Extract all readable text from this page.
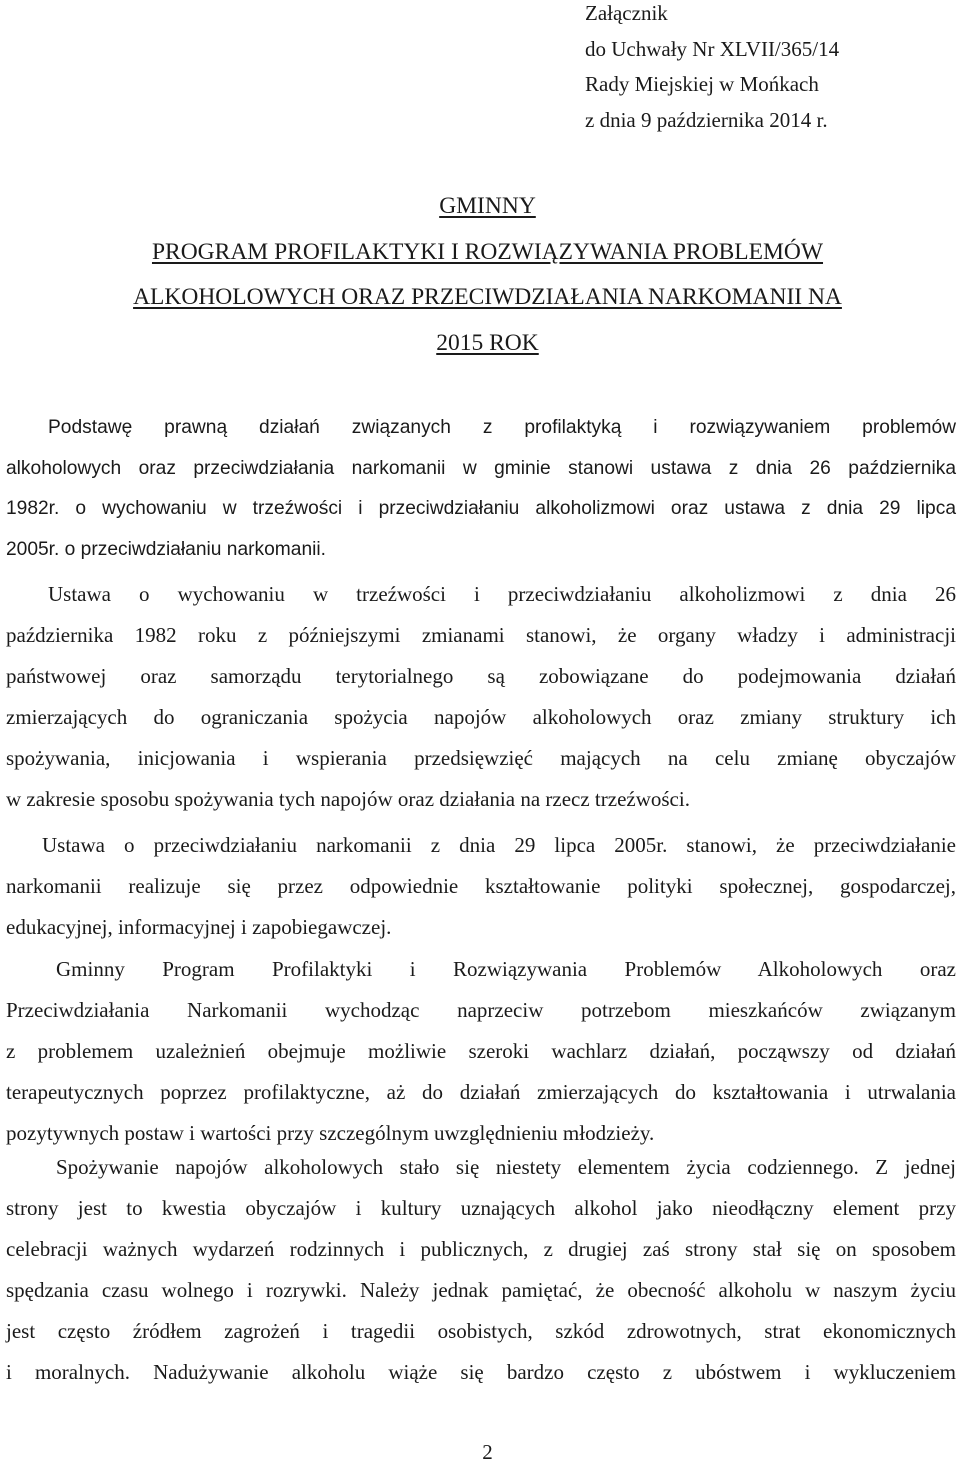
Załącznik
do Uchwały Nr XLVII/365/14
Rady Miejskiej w Mońkach
z dnia 9 października 2014 r.
GMINNY
PROGRAM PROFILAKTYKI I ROZWIĄZYWANIA PROBLEMÓW
ALKOHOLOWYCH ORAZ PRZECIWDZIAŁANIA NARKOMANII NA
2015 ROK
Podstawę prawną działań związanych z profilaktyką i rozwiązywaniem problemów
alkoholowych oraz przeciwdziałania narkomanii w gminie stanowi ustawa z dnia 26 października
1982r. o wychowaniu w trzeźwości i przeciwdziałaniu alkoholizmowi oraz ustawa z dnia 29 lipca
2005r. o przeciwdziałaniu narkomanii.
Ustawa o wychowaniu w trzeźwości i przeciwdziałaniu alkoholizmowi z dnia 26
października 1982 roku z późniejszymi zmianami stanowi, że organy władzy i administracji
państwowej oraz samorządu terytorialnego są zobowiązane do podejmowania działań
zmierzających do ograniczania spożycia napojów alkoholowych oraz zmiany struktury ich
spożywania, inicjowania i wspierania przedsięwzięć mających na celu zmianę obyczajów
w zakresie sposobu spożywania tych napojów oraz działania na rzecz trzeźwości.
Ustawa o przeciwdziałaniu narkomanii z dnia 29 lipca 2005r. stanowi, że przeciwdziałanie
narkomanii realizuje się przez odpowiednie kształtowanie polityki społecznej, gospodarczej,
edukacyjnej, informacyjnej i zapobiegawczej.
Gminny Program Profilaktyki i Rozwiązywania Problemów Alkoholowych oraz
Przeciwdziałania Narkomanii wychodząc naprzeciw potrzebom mieszkańców związanym
z problemem uzależnień obejmuje możliwie szeroki wachlarz działań, począwszy od działań
terapeutycznych poprzez profilaktyczne, aż do działań zmierzających do kształtowania i utrwalania
pozytywnych postaw i wartości przy szczególnym uwzględnieniu młodzieży.
Spożywanie napojów alkoholowych stało się niestety elementem życia codziennego. Z jednej
strony jest to kwestia obyczajów i kultury uznających alkohol jako nieodłączny element przy
celebracji ważnych wydarzeń rodzinnych i publicznych, z drugiej zaś strony stał się on sposobem
spędzania czasu wolnego i rozrywki. Należy jednak pamiętać, że obecność alkoholu w naszym życiu
jest często źródłem zagrożeń i tragedii osobistych, szkód zdrowotnych, strat ekonomicznych
i moralnych. Nadużywanie alkoholu wiąże się bardzo często z ubóstwem i wykluczeniem
2
